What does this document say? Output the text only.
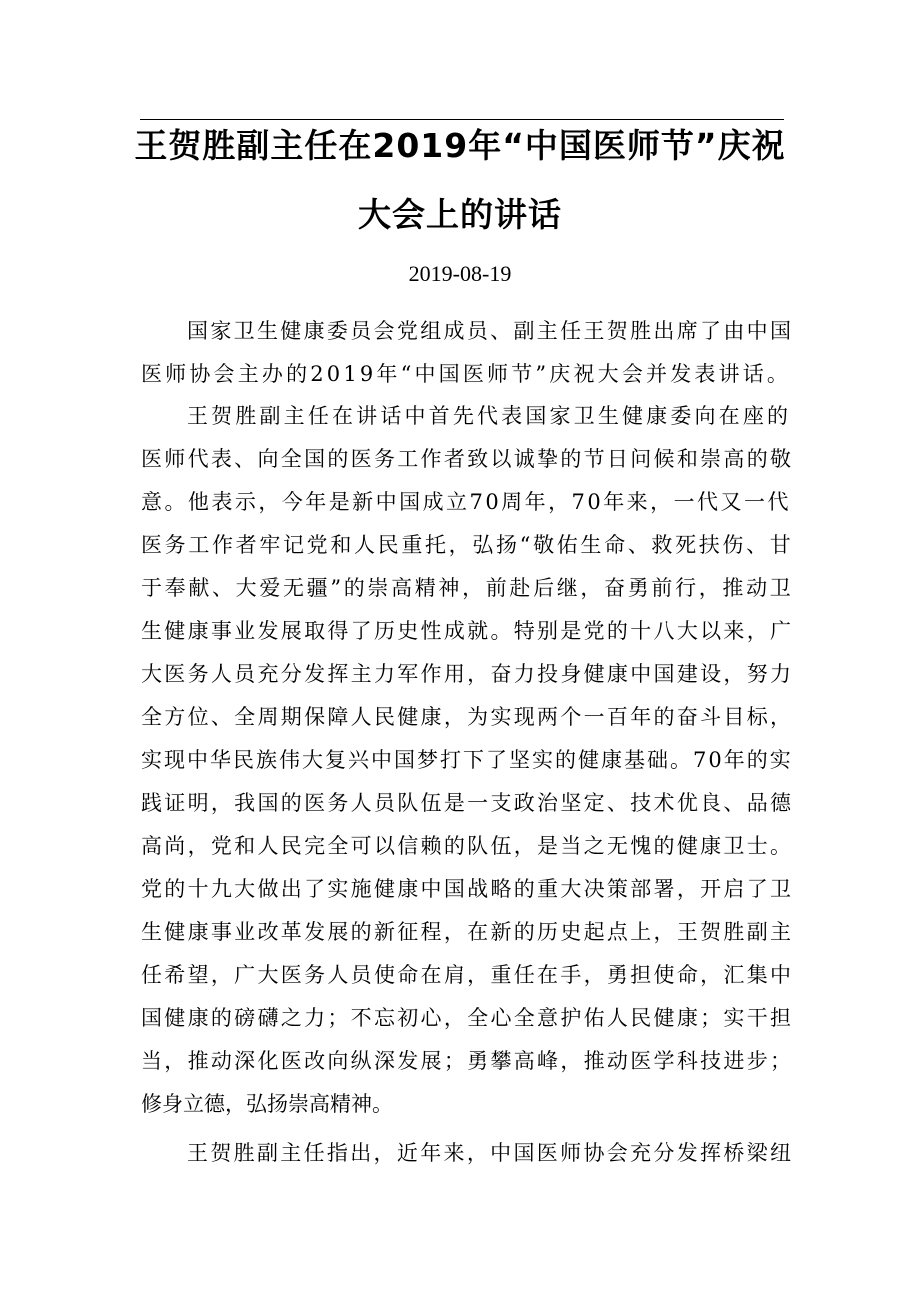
王贺胜副主任在2019年“中国医师节”庆祝
大会上的讲话
2019-08-19
国家卫生健康委员会党组成员、副主任王贺胜出席了由中国
医师协会主办的2019年“中国医师节”庆祝大会并发表讲话。
王贺胜副主任在讲话中首先代表国家卫生健康委向在座的
医师代表、向全国的医务工作者致以诚挚的节日问候和崇高的敬
意。他表示，今年是新中国成立70周年，70年来，一代又一代
医务工作者牢记党和人民重托，弘扬“敬佑生命、救死扶伤、甘
于奉献、大爱无疆”的崇高精神，前赴后继，奋勇前行，推动卫
生健康事业发展取得了历史性成就。特别是党的十八大以来，广
大医务人员充分发挥主力军作用，奋力投身健康中国建设，努力
全方位、全周期保障人民健康，为实现两个一百年的奋斗目标，
实现中华民族伟大复兴中国梦打下了坚实的健康基础。70年的实
践证明，我国的医务人员队伍是一支政治坚定、技术优良、品德
高尚，党和人民完全可以信赖的队伍，是当之无愧的健康卫士。
党的十九大做出了实施健康中国战略的重大决策部署，开启了卫
生健康事业改革发展的新征程，在新的历史起点上，王贺胜副主
任希望，广大医务人员使命在肩，重任在手，勇担使命，汇集中
国健康的磅礴之力；不忘初心，全心全意护佑人民健康；实干担
当，推动深化医改向纵深发展；勇攀高峰，推动医学科技进步；
修身立德，弘扬崇高精神。
王贺胜副主任指出，近年来，中国医师协会充分发挥桥梁纽
